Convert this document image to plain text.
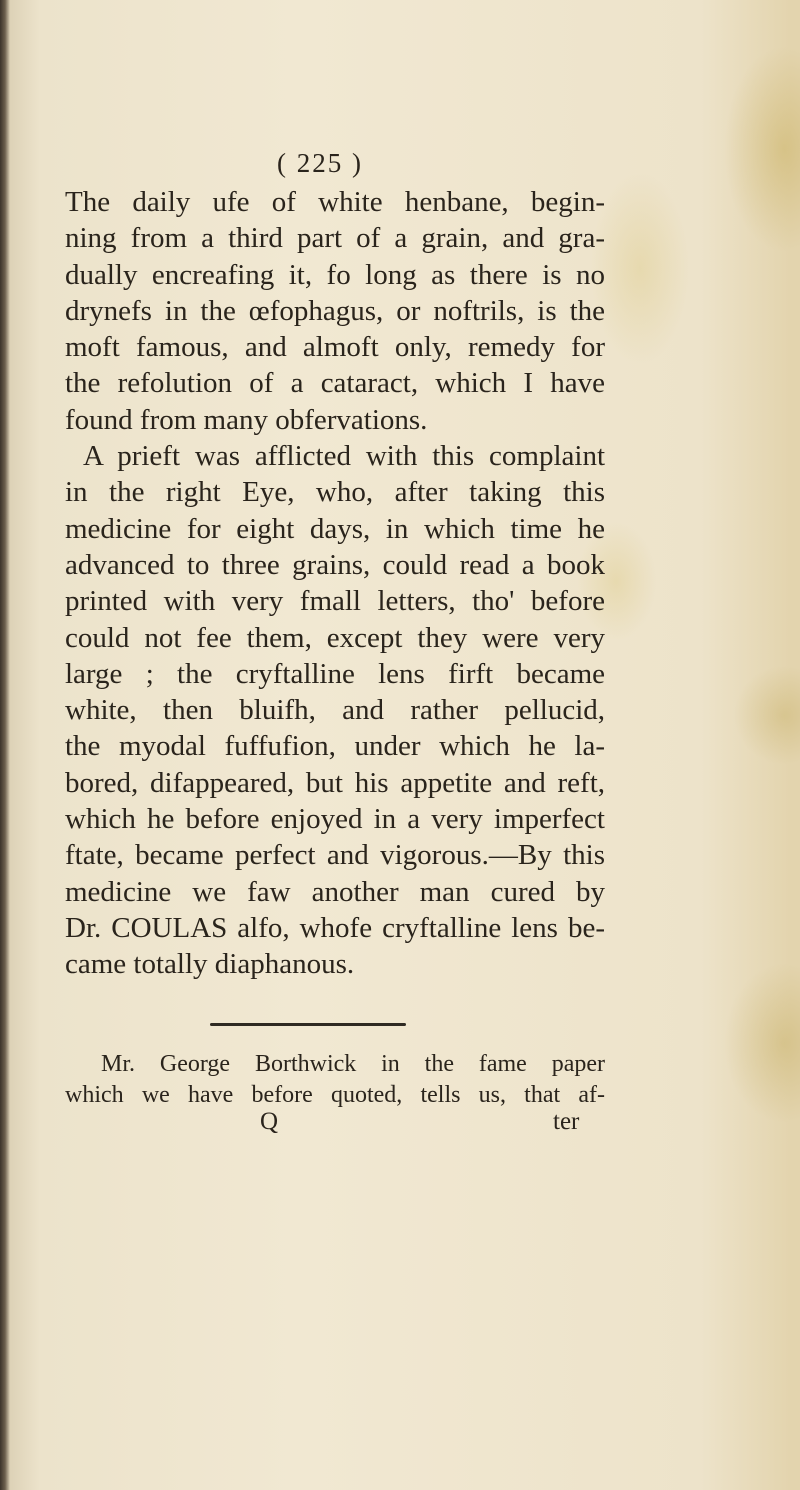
( 225 )
The daily ufe of white henbane, begin-
ning from a third part of a grain, and gra-
dually encreafing it, fo long as there is no
drynefs in the œfophagus, or noftrils, is the
moft famous, and almoft only, remedy for
the refolution of a cataract, which I have
found from many obfervations.
A prieft was afflicted with this complaint
in the right Eye, who, after taking this
medicine for eight days, in which time he
advanced to three grains, could read a book
printed with very fmall letters, tho' before
could not fee them, except they were very
large ; the cryftalline lens firft became
white, then bluifh, and rather pellucid,
the myodal fuffufion, under which he la-
bored, difappeared, but his appetite and reft,
which he before enjoyed in a very imperfect
ftate, became perfect and vigorous.—By this
medicine we faw another man cured by
Dr. COULAS alfo, whofe cryftalline lens be-
came totally diaphanous.
Mr. George Borthwick in the fame paper
which we have before quoted, tells us, that af-
Q	ter
